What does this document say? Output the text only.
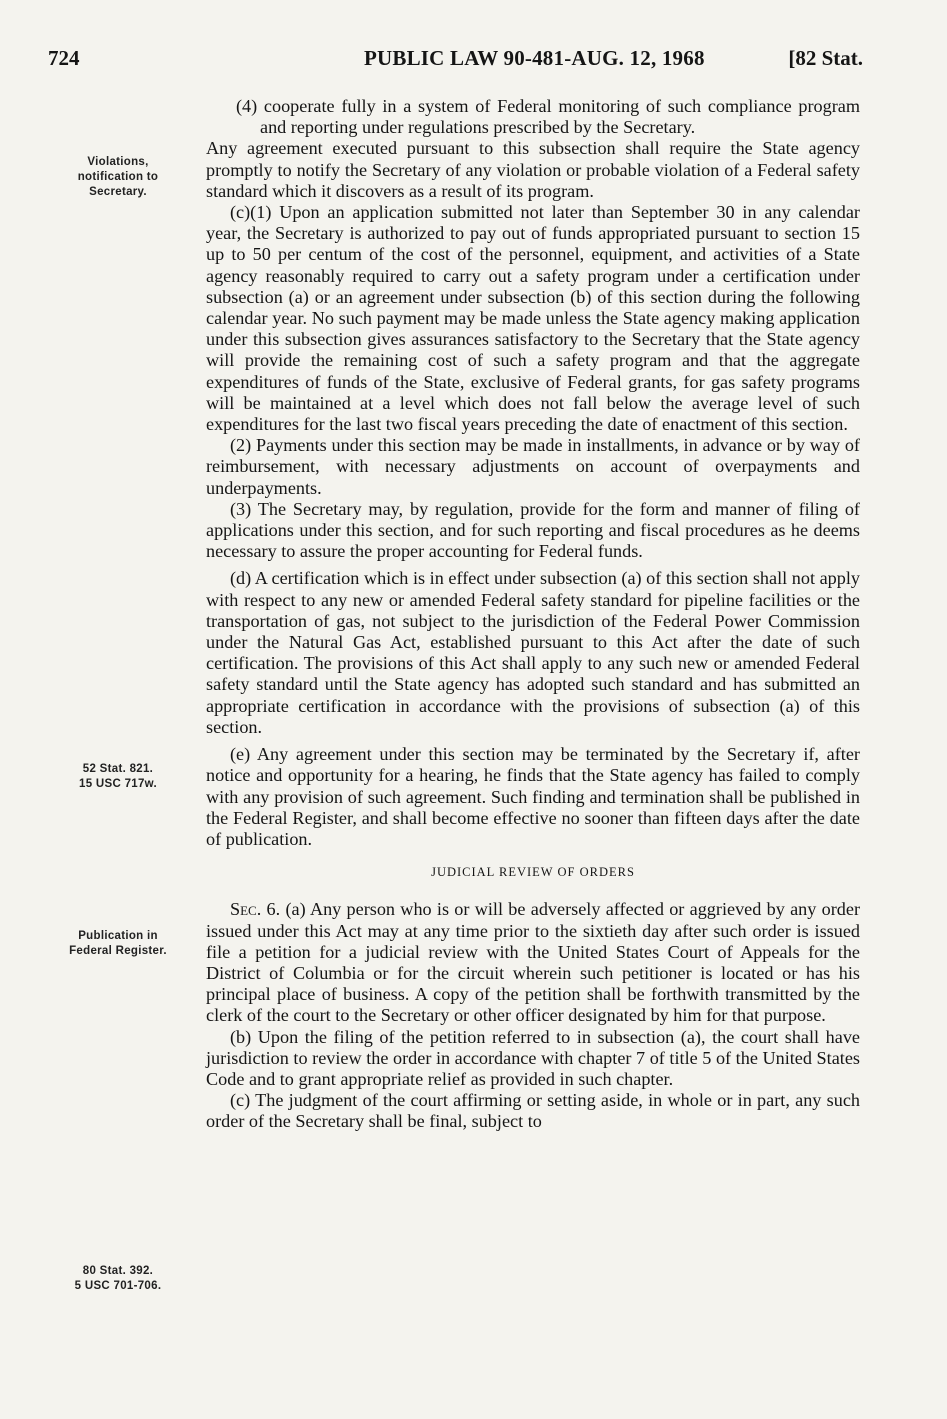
724	PUBLIC LAW 90-481-AUG. 12, 1968	[82 Stat.
Violations,
notification to
Secretary.
52 Stat. 821.
15 USC 717w.
Publication in
Federal Register.
80 Stat. 392.
5 USC 701-706.

(4) cooperate fully in a system of Federal monitoring of such compliance program and reporting under regulations prescribed by the Secretary.

Any agreement executed pursuant to this subsection shall require the State agency promptly to notify the Secretary of any violation or probable violation of a Federal safety standard which it discovers as a result of its program.

(c)(1) Upon an application submitted not later than September 30 in any calendar year, the Secretary is authorized to pay out of funds appropriated pursuant to section 15 up to 50 per centum of the cost of the personnel, equipment, and activities of a State agency reasonably required to carry out a safety program under a certification under subsection (a) or an agreement under subsection (b) of this section during the following calendar year. No such payment may be made unless the State agency making application under this subsection gives assurances satisfactory to the Secretary that the State agency will provide the remaining cost of such a safety program and that the aggregate expenditures of funds of the State, exclusive of Federal grants, for gas safety programs will be maintained at a level which does not fall below the average level of such expenditures for the last two fiscal years preceding the date of enactment of this section.

(2) Payments under this section may be made in installments, in advance or by way of reimbursement, with necessary adjustments on account of overpayments and underpayments.

(3) The Secretary may, by regulation, provide for the form and manner of filing of applications under this section, and for such reporting and fiscal procedures as he deems necessary to assure the proper accounting for Federal funds.

(d) A certification which is in effect under subsection (a) of this section shall not apply with respect to any new or amended Federal safety standard for pipeline facilities or the transportation of gas, not subject to the jurisdiction of the Federal Power Commission under the Natural Gas Act, established pursuant to this Act after the date of such certification. The provisions of this Act shall apply to any such new or amended Federal safety standard until the State agency has adopted such standard and has submitted an appropriate certification in accordance with the provisions of subsection (a) of this section.

(e) Any agreement under this section may be terminated by the Secretary if, after notice and opportunity for a hearing, he finds that the State agency has failed to comply with any provision of such agreement. Such finding and termination shall be published in the Federal Register, and shall become effective no sooner than fifteen days after the date of publication.

JUDICIAL REVIEW OF ORDERS

Sec. 6. (a) Any person who is or will be adversely affected or aggrieved by any order issued under this Act may at any time prior to the sixtieth day after such order is issued file a petition for a judicial review with the United States Court of Appeals for the District of Columbia or for the circuit wherein such petitioner is located or has his principal place of business. A copy of the petition shall be forthwith transmitted by the clerk of the court to the Secretary or other officer designated by him for that purpose.

(b) Upon the filing of the petition referred to in subsection (a), the court shall have jurisdiction to review the order in accordance with chapter 7 of title 5 of the United States Code and to grant appropriate relief as provided in such chapter.

(c) The judgment of the court affirming or setting aside, in whole or in part, any such order of the Secretary shall be final, subject to
